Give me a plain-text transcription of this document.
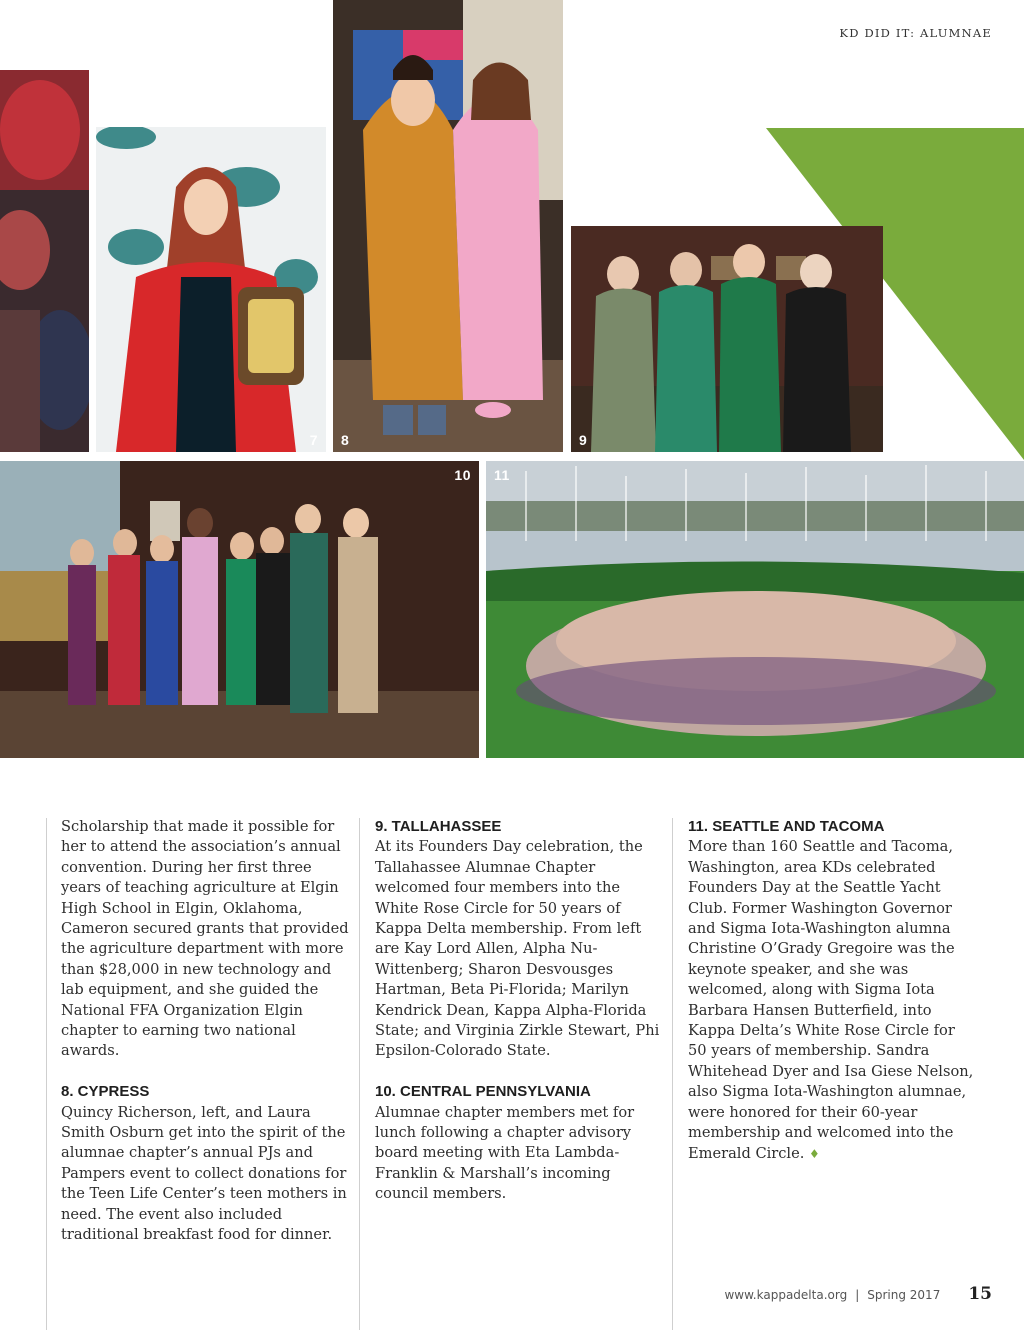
KD DID IT: ALUMNAE
7 8	9
10 11

Scholarship that made it possible for her to attend the association’s annual convention. During her first three years of teaching agriculture at Elgin High School in Elgin, Oklahoma, Cameron secured grants that provided the agriculture department with more than $28,000 in new technology and lab equipment, and she guided the National FFA Organization Elgin chapter to earning two national awards.

8. CYPRESS

Quincy Richerson, left, and Laura Smith Osburn get into the spirit of the alumnae chapter’s annual PJs and Pampers event to collect donations for the Teen Life Center’s teen mothers in need. The event also included traditional breakfast food for dinner.

9. TALLAHASSEE

At its Founders Day celebration, the Tallahassee Alumnae Chapter welcomed four members into the White Rose Circle for 50 years of Kappa Delta membership. From left are Kay Lord Allen, Alpha Nu-Wittenberg; Sharon Desvousges Hartman, Beta Pi-Florida; Marilyn Kendrick Dean, Kappa Alpha-Florida State; and Virginia Zirkle Stewart, Phi Epsilon-Colorado State.

10. CENTRAL PENNSYLVANIA

Alumnae chapter members met for lunch following a chapter advisory board meeting with Eta Lambda-Franklin & Marshall’s incoming council members.

11. SEATTLE AND TACOMA

More than 160 Seattle and Tacoma, Washington, area KDs celebrated Founders Day at the Seattle Yacht Club. Former Washington Governor and Sigma Iota-Washington alumna Christine O’Grady Gregoire was the keynote speaker, and she was welcomed, along with Sigma Iota Barbara Hansen Butterfield, into Kappa Delta’s White Rose Circle for 50 years of membership. Sandra Whitehead Dyer and Isa Giese Nelson, also Sigma Iota-Washington alumnae, were honored for their 60-year membership and welcomed into the Emerald Circle. ♦

www.kappadelta.org | Spring 2017 15
